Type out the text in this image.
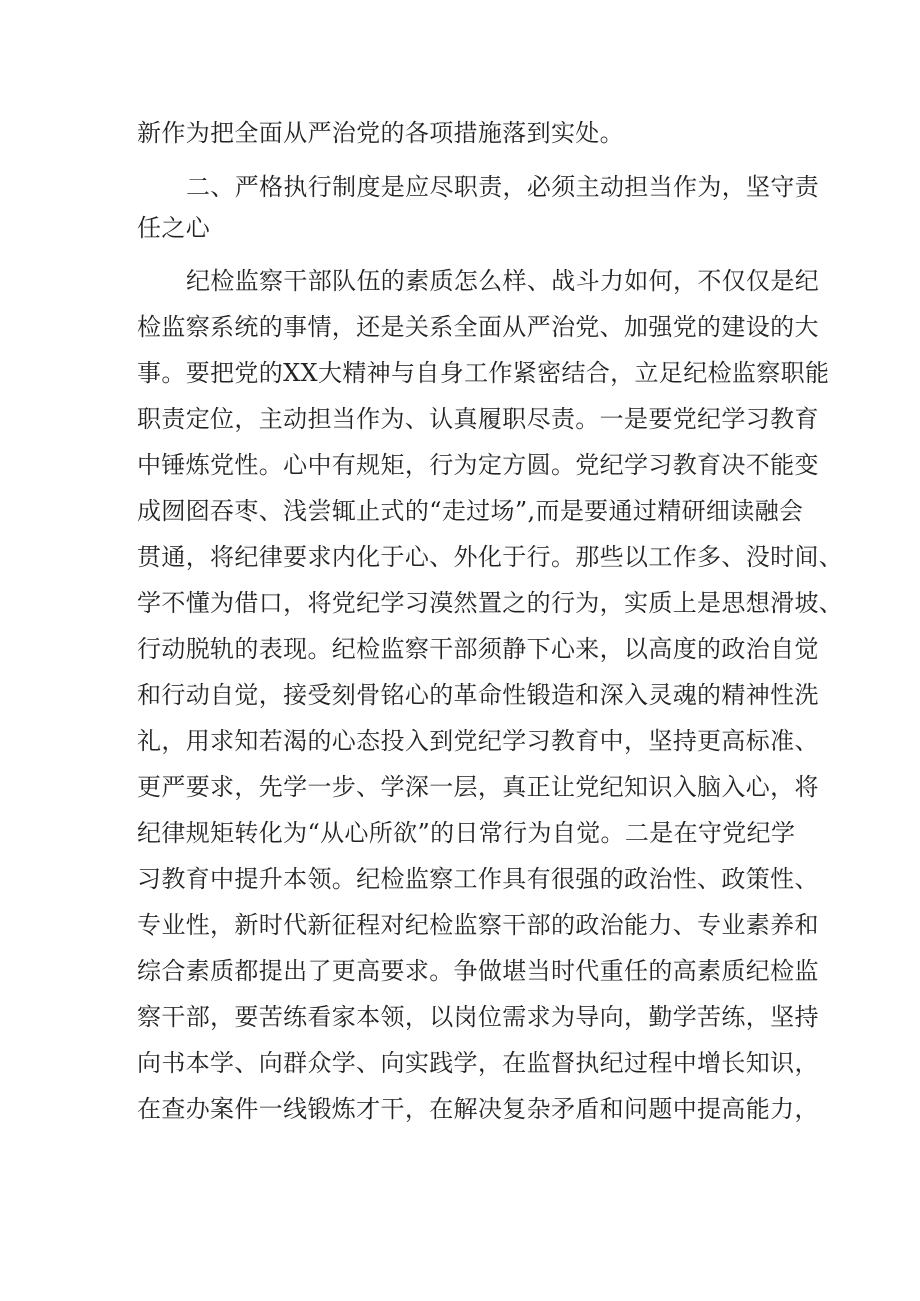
新作为把全面从严治党的各项措施落到实处。
二、严格执行制度是应尽职责，必须主动担当作为，坚守责
任之心
纪检监察干部队伍的素质怎么样、战斗力如何，不仅仅是纪
检监察系统的事情，还是关系全面从严治党、加强党的建设的大
事。要把党的XX大精神与自身工作紧密结合，立足纪检监察职能
职责定位，主动担当作为、认真履职尽责。一是要党纪学习教育
中锤炼党性。心中有规矩，行为定方圆。党纪学习教育决不能变
成囫囵吞枣、浅尝辄止式的“走过场”,而是要通过精研细读融会
贯通，将纪律要求内化于心、外化于行。那些以工作多、没时间、
学不懂为借口，将党纪学习漠然置之的行为，实质上是思想滑坡、
行动脱轨的表现。纪检监察干部须静下心来，以高度的政治自觉
和行动自觉，接受刻骨铭心的革命性锻造和深入灵魂的精神性洗
礼，用求知若渴的心态投入到党纪学习教育中，坚持更高标准、
更严要求，先学一步、学深一层，真正让党纪知识入脑入心，将
纪律规矩转化为“从心所欲”的日常行为自觉。二是在守党纪学
习教育中提升本领。纪检监察工作具有很强的政治性、政策性、
专业性，新时代新征程对纪检监察干部的政治能力、专业素养和
综合素质都提出了更高要求。争做堪当时代重任的高素质纪检监
察干部，要苦练看家本领，以岗位需求为导向，勤学苦练，坚持
向书本学、向群众学、向实践学，在监督执纪过程中增长知识，
在查办案件一线锻炼才干，在解决复杂矛盾和问题中提高能力，
